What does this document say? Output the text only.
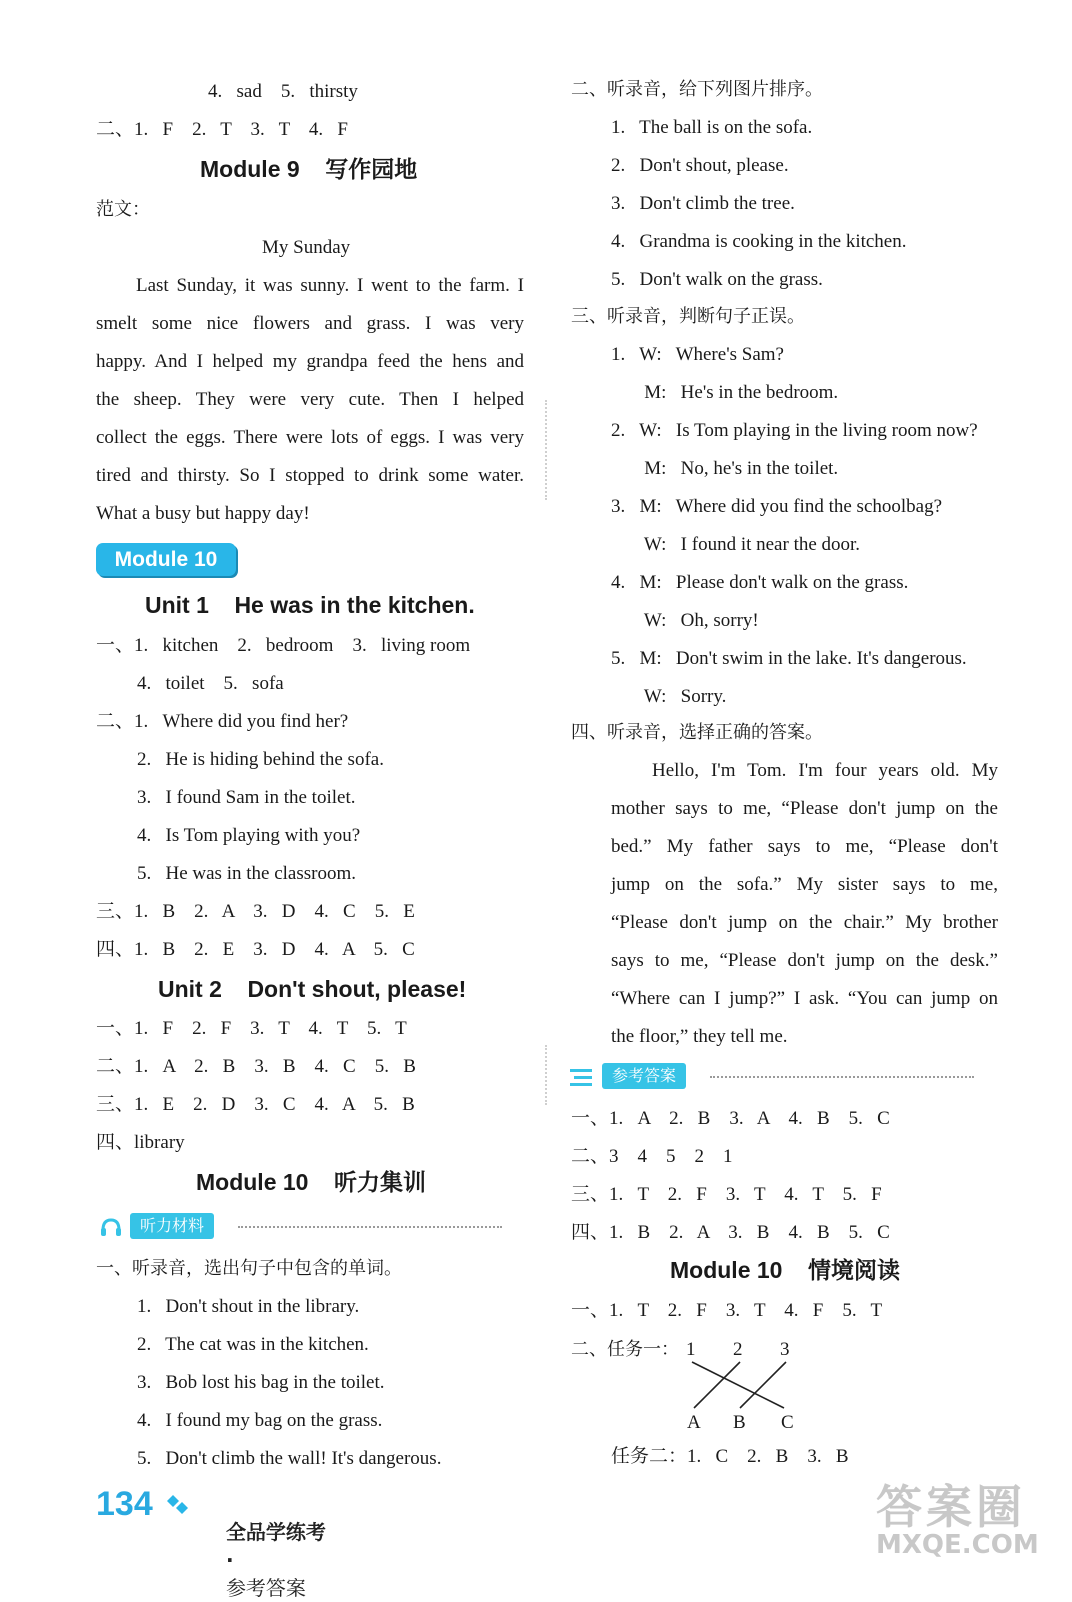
4.   sad    5.   thirsty
二、1.   F    2.   T    3.   T    4.   F
Module 9    写作园地
范文：
My Sunday
Last Sunday, it was sunny. I went to the farm. I
smelt some nice flowers and grass. I was very
happy. And I helped my grandpa feed the hens and
the sheep. They were very cute. Then I helped
collect the eggs. There were lots of eggs. I was very
tired and thirsty. So I stopped to drink some water.
What a busy but happy day!
Module 10
Unit 1    He was in the kitchen.
一、1.   kitchen    2.   bedroom    3.   living room
4.   toilet    5.   sofa
二、1.   Where did you find her?
2.   He is hiding behind the sofa.
3.   I found Sam in the toilet.
4.   Is Tom playing with you?
5.   He was in the classroom.
三、1.   B    2.   A    3.   D    4.   C    5.   E
四、1.   B    2.   E    3.   D    4.   A    5.   C
Unit 2    Don't shout, please!
一、1.   F    2.   F    3.   T    4.   T    5.   T
二、1.   A    2.   B    3.   B    4.   C    5.   B
三、1.   E    2.   D    3.   C    4.   A    5.   B
四、library
Module 10    听力集训
听力材料
一、听录音，选出句子中包含的单词。
1.   Don't shout in the library.
2.   The cat was in the kitchen.
3.   Bob lost his bag in the toilet.
4.   I found my bag on the grass.
5.   Don't climb the wall! It's dangerous.
二、听录音，给下列图片排序。
1.   The ball is on the sofa.
2.   Don't shout, please.
3.   Don't climb the tree.
4.   Grandma is cooking in the kitchen.
5.   Don't walk on the grass.
三、听录音，判断句子正误。
1.   W:   Where's Sam?
M:   He's in the bedroom.
2.   W:   Is Tom playing in the living room now?
M:   No, he's in the toilet.
3.   M:   Where did you find the schoolbag?
W:   I found it near the door.
4.   M:   Please don't walk on the grass.
W:   Oh, sorry!
5.   M:   Don't swim in the lake. It's dangerous.
W:   Sorry.
四、听录音，选择正确的答案。
Hello, I'm Tom. I'm four years old. My
mother says to me, “Please don't jump on the
bed.” My father says to me, “Please don't
jump on the sofa.” My sister says to me,
“Please don't jump on the chair.” My brother
says to me, “Please don't jump on the desk.”
“Where can I jump?” I ask. “You can jump on
the floor,” they tell me.
参考答案
一、1.   A    2.   B    3.   A    4.   B    5.   C
二、3    4    5    2    1
三、1.   T    2.   F    3.   T    4.   T    5.   F
四、1.   B    2.   A    3.   B    4.   B    5.   C
Module 10    情境阅读
一、1.   T    2.   F    3.   T    4.   F    5.   T
二、任务一： 1 2 3
A B C
任务二：1.   C    2.   B    3.   B
134

全品学练考
·
参考答案

答案圈
MXQE.COM
